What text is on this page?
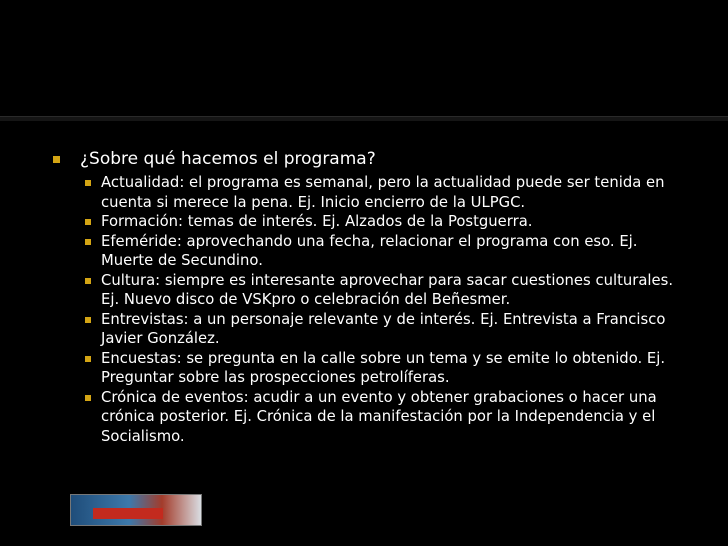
¿Sobre qué hacemos el programa?
Actualidad: el programa es semanal, pero la actualidad puede ser tenida en cuenta si merece la pena. Ej. Inicio encierro de la ULPGC.
Formación: temas de interés. Ej. Alzados de la Postguerra.
Efeméride: aprovechando una fecha, relacionar el programa con eso. Ej. Muerte de Secundino.
Cultura: siempre es interesante aprovechar para sacar cuestiones culturales. Ej. Nuevo disco de VSKpro o celebración del Beñesmer.
Entrevistas: a un personaje relevante y de interés. Ej. Entrevista a Francisco Javier González.
Encuestas: se pregunta en la calle sobre un tema y se emite lo obtenido. Ej. Preguntar sobre las prospecciones petrolíferas.
Crónica de eventos: acudir a un evento y obtener grabaciones o hacer una crónica posterior. Ej. Crónica de la manifestación por la Independencia y el Socialismo.
